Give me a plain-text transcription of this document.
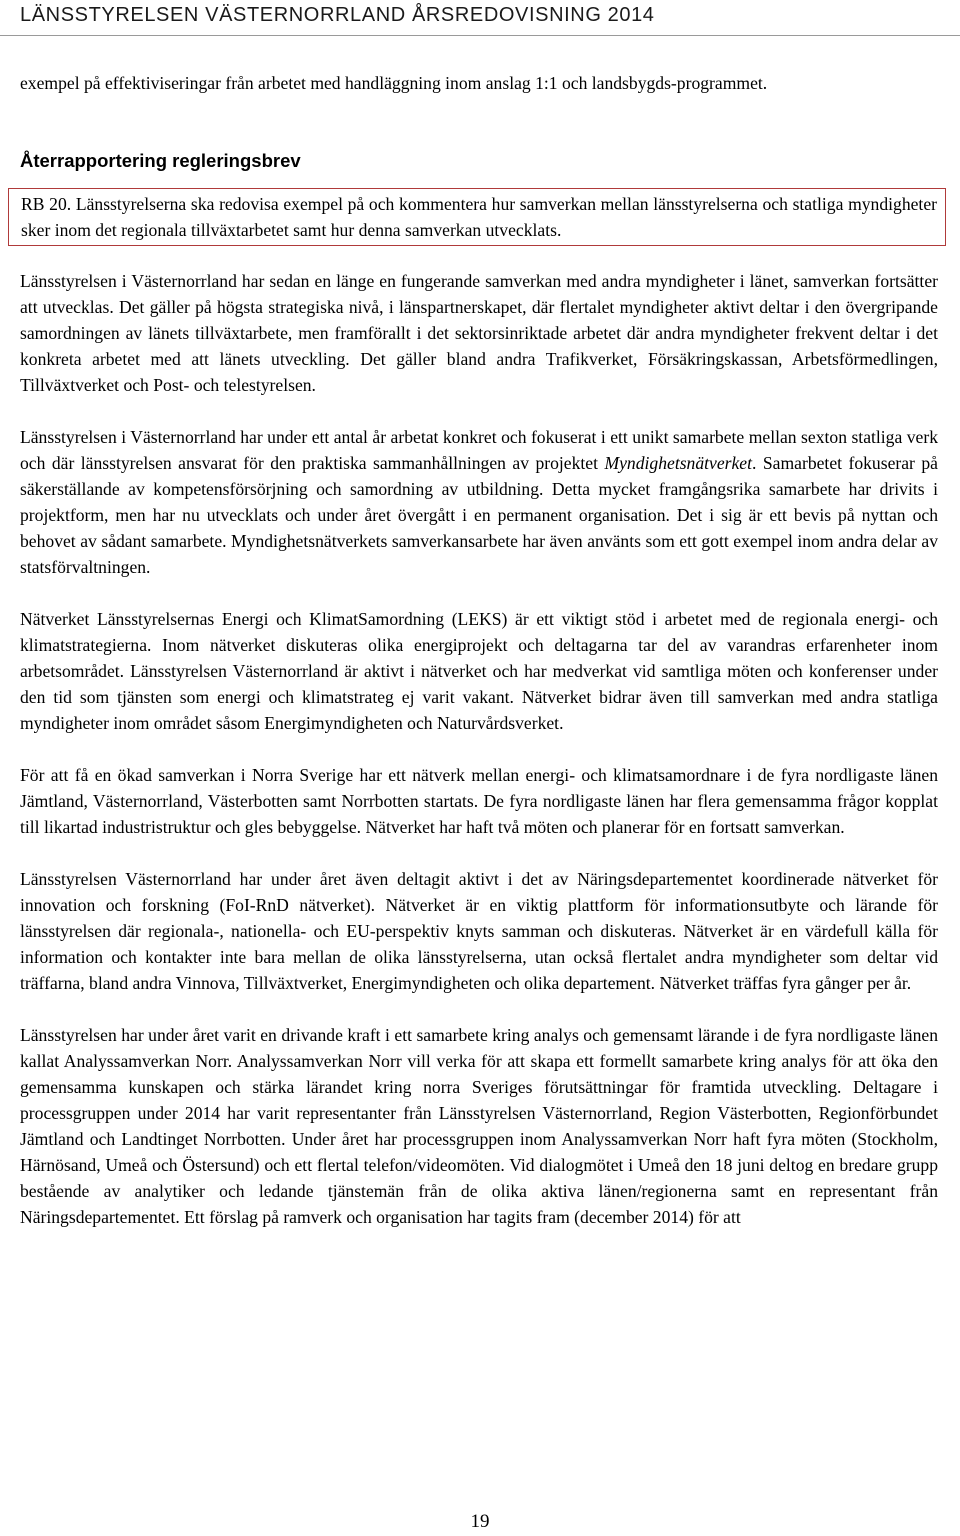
LÄNSSTYRELSEN VÄSTERNORRLAND ÅRSREDOVISNING 2014

exempel på effektiviseringar från arbetet med handläggning inom anslag 1:1 och landsbygds-programmet.

Återrapportering regleringsbrev

RB 20. Länsstyrelserna ska redovisa exempel på och kommentera hur samverkan mellan länsstyrelserna och statliga myndigheter sker inom det regionala tillväxtarbetet samt hur denna samverkan utvecklats.

Länsstyrelsen i Västernorrland har sedan en länge en fungerande samverkan med andra myndigheter i länet, samverkan fortsätter att utvecklas. Det gäller på högsta strategiska nivå, i länspartnerskapet, där flertalet myndigheter aktivt deltar i den övergripande samordningen av länets tillväxtarbete, men framförallt i det sektorsinriktade arbetet där andra myndigheter frekvent deltar i det konkreta arbetet med att länets utveckling. Det gäller bland andra Trafikverket, Försäkringskassan, Arbetsförmedlingen, Tillväxtverket och Post- och telestyrelsen.

Länsstyrelsen i Västernorrland har under ett antal år arbetat konkret och fokuserat i ett unikt samarbete mellan sexton statliga verk och där länsstyrelsen ansvarat för den praktiska sammanhållningen av projektet Myndighetsnätverket. Samarbetet fokuserar på säkerställande av kompetensförsörjning och samordning av utbildning. Detta mycket framgångsrika samarbete har drivits i projektform, men har nu utvecklats och under året övergått i en permanent organisation. Det i sig är ett bevis på nyttan och behovet av sådant samarbete. Myndighetsnätverkets samverkansarbete har även använts som ett gott exempel inom andra delar av statsförvaltningen.

Nätverket Länsstyrelsernas Energi och KlimatSamordning (LEKS) är ett viktigt stöd i arbetet med de regionala energi- och klimatstrategierna. Inom nätverket diskuteras olika energiprojekt och deltagarna tar del av varandras erfarenheter inom arbetsområdet. Länsstyrelsen Västernorrland är aktivt i nätverket och har medverkat vid samtliga möten och konferenser under den tid som tjänsten som energi och klimatstrateg ej varit vakant. Nätverket bidrar även till samverkan med andra statliga myndigheter inom området såsom Energimyndigheten och Naturvårdsverket.

För att få en ökad samverkan i Norra Sverige har ett nätverk mellan energi- och klimatsamordnare i de fyra nordligaste länen Jämtland, Västernorrland, Västerbotten samt Norrbotten startats. De fyra nordligaste länen har flera gemensamma frågor kopplat till likartad industristruktur och gles bebyggelse. Nätverket har haft två möten och planerar för en fortsatt samverkan.

Länsstyrelsen Västernorrland har under året även deltagit aktivt i det av Näringsdepartementet koordinerade nätverket för innovation och forskning (FoI-RnD nätverket). Nätverket är en viktig plattform för informationsutbyte och lärande för länsstyrelsen där regionala-, nationella- och EU-perspektiv knyts samman och diskuteras. Nätverket är en värdefull källa för information och kontakter inte bara mellan de olika länsstyrelserna, utan också flertalet andra myndigheter som deltar vid träffarna, bland andra Vinnova, Tillväxtverket, Energimyndigheten och olika departement. Nätverket träffas fyra gånger per år.

Länsstyrelsen har under året varit en drivande kraft i ett samarbete kring analys och gemensamt lärande i de fyra nordligaste länen kallat Analyssamverkan Norr. Analyssamverkan Norr vill verka för att skapa ett formellt samarbete kring analys för att öka den gemensamma kunskapen och stärka lärandet kring norra Sveriges förutsättningar för framtida utveckling. Deltagare i processgruppen under 2014 har varit representanter från Länsstyrelsen Västernorrland, Region Västerbotten, Regionförbundet Jämtland och Landtinget Norrbotten. Under året har processgruppen inom Analyssamverkan Norr haft fyra möten (Stockholm, Härnösand, Umeå och Östersund) och ett flertal telefon/videomöten. Vid dialogmötet i Umeå den 18 juni deltog en bredare grupp bestående av analytiker och ledande tjänstemän från de olika aktiva länen/regionerna samt en representant från Näringsdepartementet. Ett förslag på ramverk och organisation har tagits fram (december 2014) för att

19
